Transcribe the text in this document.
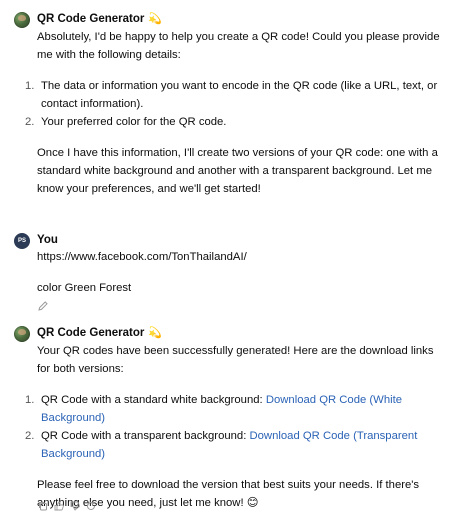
QR Code Generator 💫

Absolutely, I'd be happy to help you create a QR code! Could you please provide me with the following details:

1. The data or information you want to encode in the QR code (like a URL, text, or contact information).
2. Your preferred color for the QR code.

Once I have this information, I'll create two versions of your QR code: one with a standard white background and another with a transparent background. Let me know your preferences, and we'll get started!

PS You

https://www.facebook.com/TonThailandAI/

color Green Forest

QR Code Generator 💫

Your QR codes have been successfully generated! Here are the download links for both versions:

1. QR Code with a standard white background: Download QR Code (White Background)
2. QR Code with a transparent background: Download QR Code (Transparent Background)

Please feel free to download the version that best suits your needs. If there's anything else you need, just let me know! 😊
